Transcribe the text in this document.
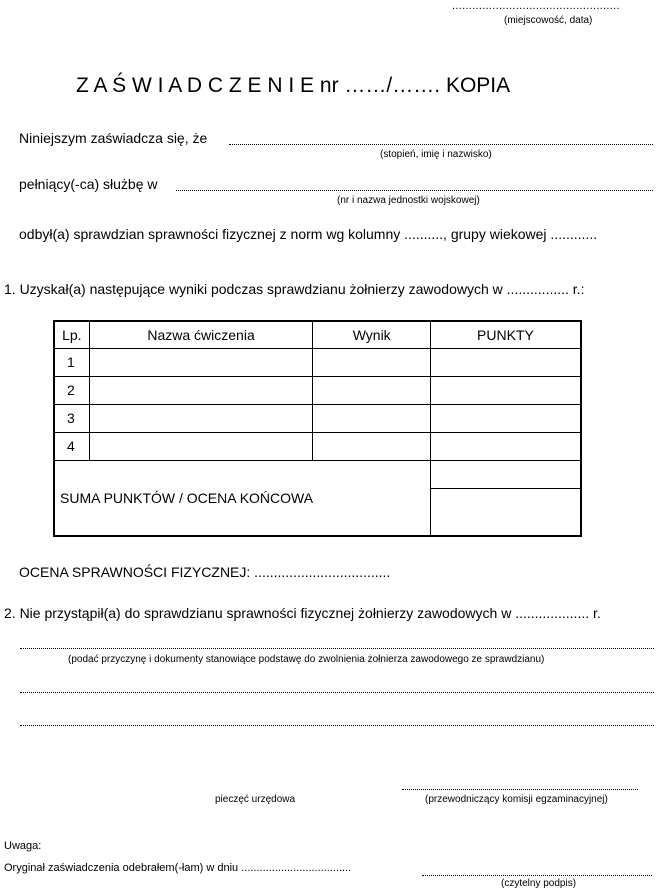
..................................................
(miejscowość, data)
Z A Ś W I A D C Z E N I E nr ……/……. KOPIA
Niniejszym zaświadcza się, że
(stopień, imię i nazwisko)
pełniący(-ca) służbę w
(nr i nazwa jednostki wojskowej)
odbył(a) sprawdzian sprawności fizycznej z norm wg kolumny .........., grupy wiekowej ............
1. Uzyskał(a) następujące wyniki podczas sprawdzianu żołnierzy zawodowych w ................ r.:
Lp.	Nazwa ćwiczenia	Wynik	PUNKTY
1			
2			
3			
4			
SUMA PUNKTÓW / OCENA KOŃCOWA			

OCENA SPRAWNOŚCI FIZYCZNEJ: ...................................
2. Nie przystąpił(a) do sprawdzianu sprawności fizycznej żołnierzy zawodowych w ................... r.
(podać przyczynę i dokumenty stanowiące podstawę do zwolnienia żołnierza zawodowego ze sprawdzianu)
pieczęć urzędowa	(przewodniczący komisji egzaminacyjnej)
Uwaga:
Oryginał zaświadczenia odebrałem(-łam) w dniu ....................................
(czytelny podpis)
